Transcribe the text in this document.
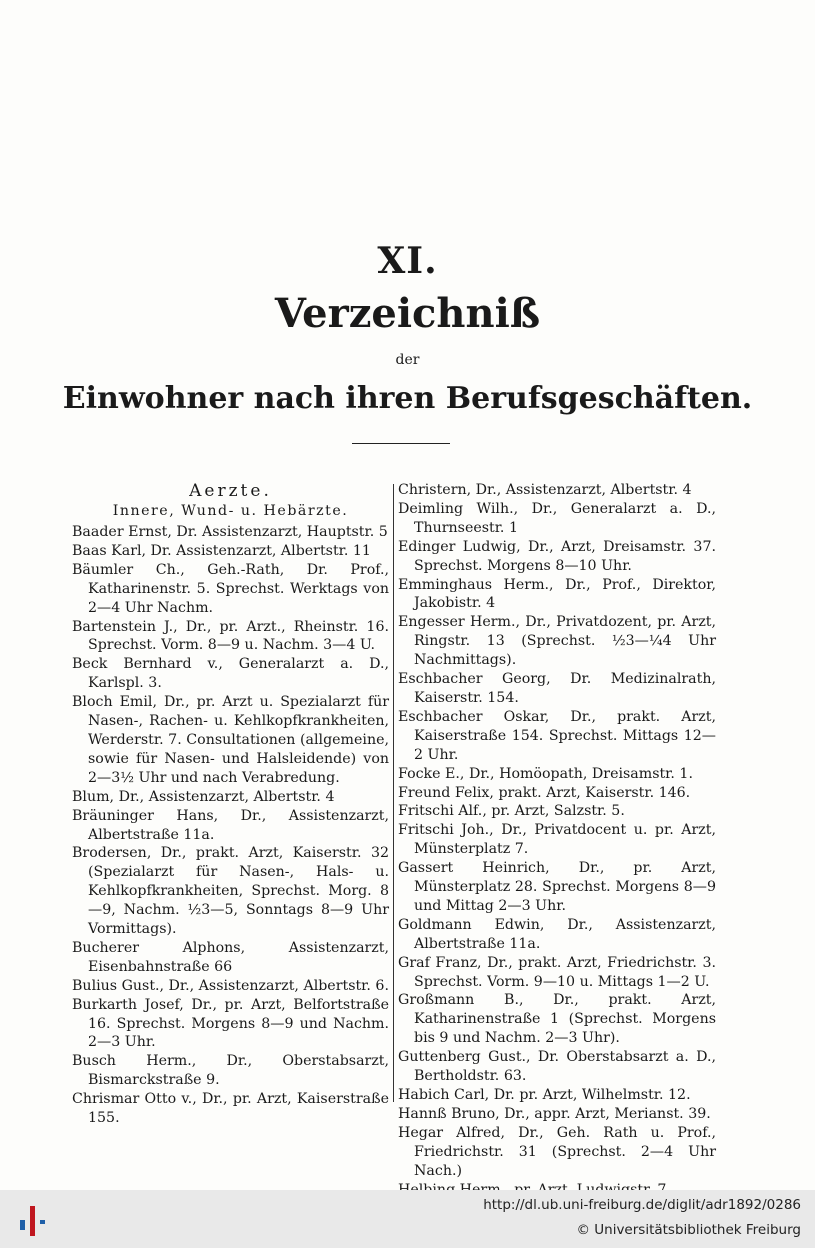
XI.
Verzeichniß
der
Einwohner nach ihren Berufsgeschäften.

Aerzte.

Innere, Wund- u. Hebärzte.

Baader Ernst, Dr. Assistenzarzt, Hauptstr. 5

Baas Karl, Dr. Assistenzarzt, Albertstr. 11

Bäumler Ch., Geh.-Rath, Dr. Prof., Katharinenstr. 5. Sprechst. Werktags von 2—4 Uhr Nachm.

Bartenstein J., Dr., pr. Arzt., Rheinstr. 16. Sprechst. Vorm. 8—9 u. Nachm. 3—4 U.

Beck Bernhard v., Generalarzt a. D., Karlspl. 3.

Bloch Emil, Dr., pr. Arzt u. Spezialarzt für Nasen-, Rachen- u. Kehlkopfkrankheiten, Werderstr. 7. Consultationen (allgemeine, sowie für Nasen- und Halsleidende) von 2—3½ Uhr und nach Verabredung.

Blum, Dr., Assistenzarzt, Albertstr. 4

Bräuninger Hans, Dr., Assistenzarzt, Albertstraße 11a.

Brodersen, Dr., prakt. Arzt, Kaiserstr. 32 (Spezialarzt für Nasen-, Hals- u. Kehlkopfkrankheiten, Sprechst. Morg. 8—9, Nachm. ½3—5, Sonntags 8—9 Uhr Vormittags).

Bucherer Alphons, Assistenzarzt, Eisenbahnstraße 66

Bulius Gust., Dr., Assistenzarzt, Albertstr. 6.

Burkarth Josef, Dr., pr. Arzt, Belfortstraße 16. Sprechst. Morgens 8—9 und Nachm. 2—3 Uhr.

Busch Herm., Dr., Oberstabsarzt, Bismarckstraße 9.

Chrismar Otto v., Dr., pr. Arzt, Kaiserstraße 155.

Christern, Dr., Assistenzarzt, Albertstr. 4

Deimling Wilh., Dr., Generalarzt a. D., Thurnseestr. 1

Edinger Ludwig, Dr., Arzt, Dreisamstr. 37. Sprechst. Morgens 8—10 Uhr.

Emminghaus Herm., Dr., Prof., Direktor, Jakobistr. 4

Engesser Herm., Dr., Privatdozent, pr. Arzt, Ringstr. 13 (Sprechst. ½3—¼4 Uhr Nachmittags).

Eschbacher Georg, Dr. Medizinalrath, Kaiserstr. 154.

Eschbacher Oskar, Dr., prakt. Arzt, Kaiserstraße 154. Sprechst. Mittags 12—2 Uhr.

Focke E., Dr., Homöopath, Dreisamstr. 1.

Freund Felix, prakt. Arzt, Kaiserstr. 146.

Fritschi Alf., pr. Arzt, Salzstr. 5.

Fritschi Joh., Dr., Privatdocent u. pr. Arzt, Münsterplatz 7.

Gassert Heinrich, Dr., pr. Arzt, Münsterplatz 28. Sprechst. Morgens 8—9 und Mittag 2—3 Uhr.

Goldmann Edwin, Dr., Assistenzarzt, Albertstraße 11a.

Graf Franz, Dr., prakt. Arzt, Friedrichstr. 3. Sprechst. Vorm. 9—10 u. Mittags 1—2 U.

Großmann B., Dr., prakt. Arzt, Katharinenstraße 1 (Sprechst. Morgens bis 9 und Nachm. 2—3 Uhr).

Guttenberg Gust., Dr. Oberstabsarzt a. D., Bertholdstr. 63.

Habich Carl, Dr. pr. Arzt, Wilhelmstr. 12.

Hannß Bruno, Dr., appr. Arzt, Merianst. 39.

Hegar Alfred, Dr., Geh. Rath u. Prof., Friedrichstr. 31 (Sprechst. 2—4 Uhr Nach.)

http://dl.ub.uni-freiburg.de/diglit/adr1892/0286
© Universitätsbibliothek Freiburg
